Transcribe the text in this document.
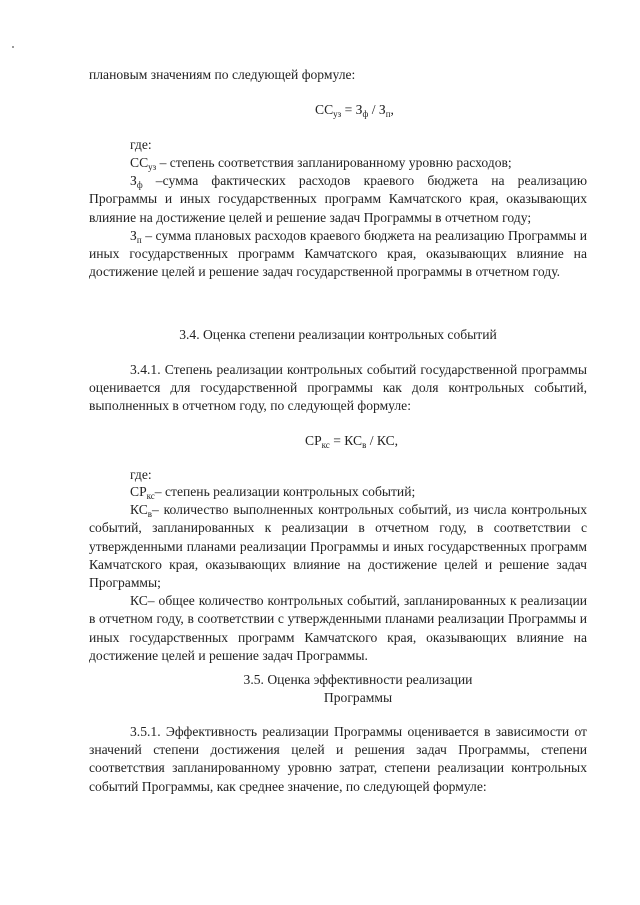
плановым значениям по следующей формуле:

$СС_{уз} = З_ф / З_п$,
где:

$СС_{уз}$ – степень соответствия запланированному уровню расходов;

$З_ф$ –сумма фактических расходов краевого бюджета на реализацию Программы и иных государственных программ Камчатского края, оказывающих влияние на достижение целей и решение задач Программы в отчетном году;

$З_п$ – сумма плановых расходов краевого бюджета на реализацию Программы и иных государственных программ Камчатского края, оказывающих влияние на достижение целей и решение задач государственной программы в отчетном году.

3.4. Оценка степени реализации контрольных событий

3.4.1. Степень реализации контрольных событий государственной программы оценивается для государственной программы как доля контрольных событий, выполненных в отчетном году, по следующей формуле:

$СР_{кс} = КС_в$ / КС,
где:

$СР_{кс}-$ степень реализации контрольных событий;

$КС_в-$ количество выполненных контрольных событий, из числа контрольных событий, запланированных к реализации в отчетном году, в соответствии с утвержденными планами реализации Программы и иных государственных программ Камчатского края, оказывающих влияние на достижение целей и решение задач Программы;

КС– общее количество контрольных событий, запланированных к реализации в отчетном году, в соответствии с утвержденными планами реализации Программы и иных государственных программ Камчатского края, оказывающих влияние на достижение целей и решение задач Программы.

3.5. Оценка эффективности реализации
Программы

3.5.1. Эффективность реализации Программы оценивается в зависимости от значений степени достижения целей и решения задач Программы, степени соответствия запланированному уровню затрат, степени реализации контрольных событий Программы, как среднее значение, по следующей формуле:
